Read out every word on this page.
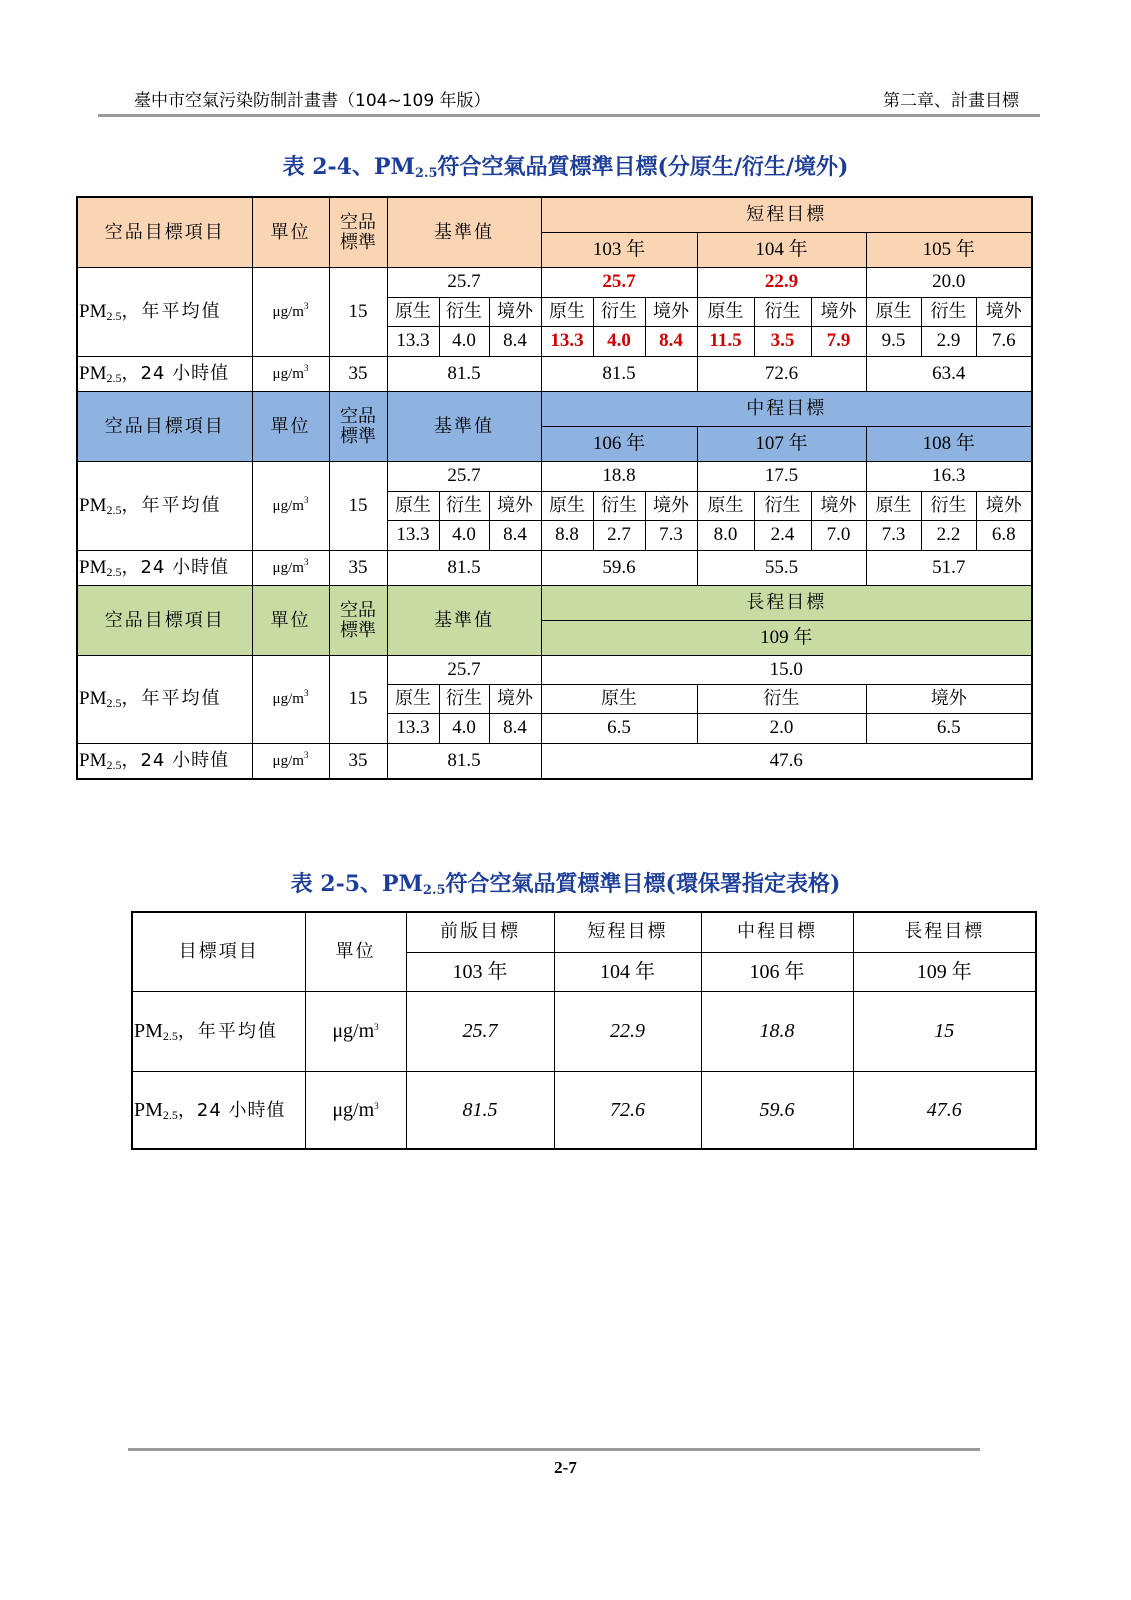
臺中市空氣污染防制計畫書（104~109 年版）	第二章、計畫目標
表 2-4、$PM_{2.5}$符合空氣品質標準目標(分原生/衍生/境外)
空品目標項目	單位	空品
標準	基準值			短程目標								
						103 年			104 年			105 年		
$PM_{2.5}$，年平均值	$\mu g/m^3$	15	25.7			25.7			22.9			20.0		
			原生	衍生	境外	原生	衍生	境外	原生	衍生	境外	原生	衍生	境外
			13.3	4.0	8.4	13.3	4.0	8.4	11.5	3.5	7.9	9.5	2.9	7.6
$PM_{2.5}$，24 小時值	$\mu g/m^3$	35	81.5			81.5			72.6			63.4		
空品目標項目	單位	空品
標準	基準值			中程目標								
						106 年			107 年			108 年		
$PM_{2.5}$，年平均值	$\mu g/m^3$	15	25.7			18.8			17.5			16.3		
			原生	衍生	境外	原生	衍生	境外	原生	衍生	境外	原生	衍生	境外
			13.3	4.0	8.4	8.8	2.7	7.3	8.0	2.4	7.0	7.3	2.2	6.8
$PM_{2.5}$，24 小時值	$\mu g/m^3$	35	81.5			59.6			55.5			51.7		
空品目標項目	單位	空品
標準	基準值			長程目標								
						109 年								
$PM_{2.5}$，年平均值	$\mu g/m^3$	15	25.7			15.0								
			原生	衍生	境外	原生			衍生			境外		
			13.3	4.0	8.4	6.5			2.0			6.5		
$PM_{2.5}$，24 小時值	$\mu g/m^3$	35	81.5			47.6								
表 2-5、$PM_{2.5}$符合空氣品質標準目標(環保署指定表格)
目標項目	單位	前版目標	短程目標	中程目標	長程目標
		103 年	104 年	106 年	109 年
$PM_{2.5}$，年平均值	$\mu g/m^3$	25.7	22.9	18.8	15
$PM_{2.5}$，24 小時值	$\mu g/m^3$	81.5	72.6	59.6	47.6
2-7
